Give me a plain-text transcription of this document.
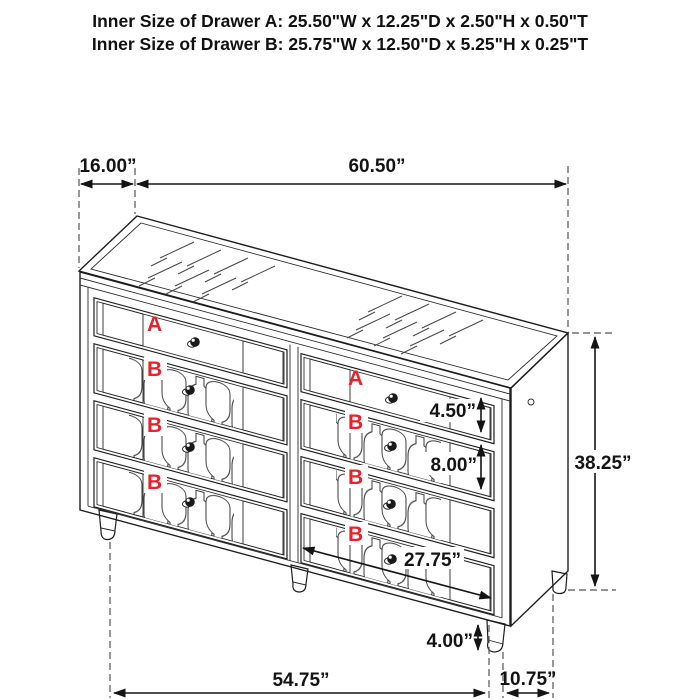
Inner Size of Drawer A: 25.50"W x 12.25"D x 2.50"H x 0.50"T
Inner Size of Drawer B: 25.75"W x 12.50"D x 5.25"H x 0.25"T
16.00”	60.50”
A
B
B
B
A
B
B
B
4.50”
8.00”
27.75”
38.25”
4.00”
54.75”	10.75”
